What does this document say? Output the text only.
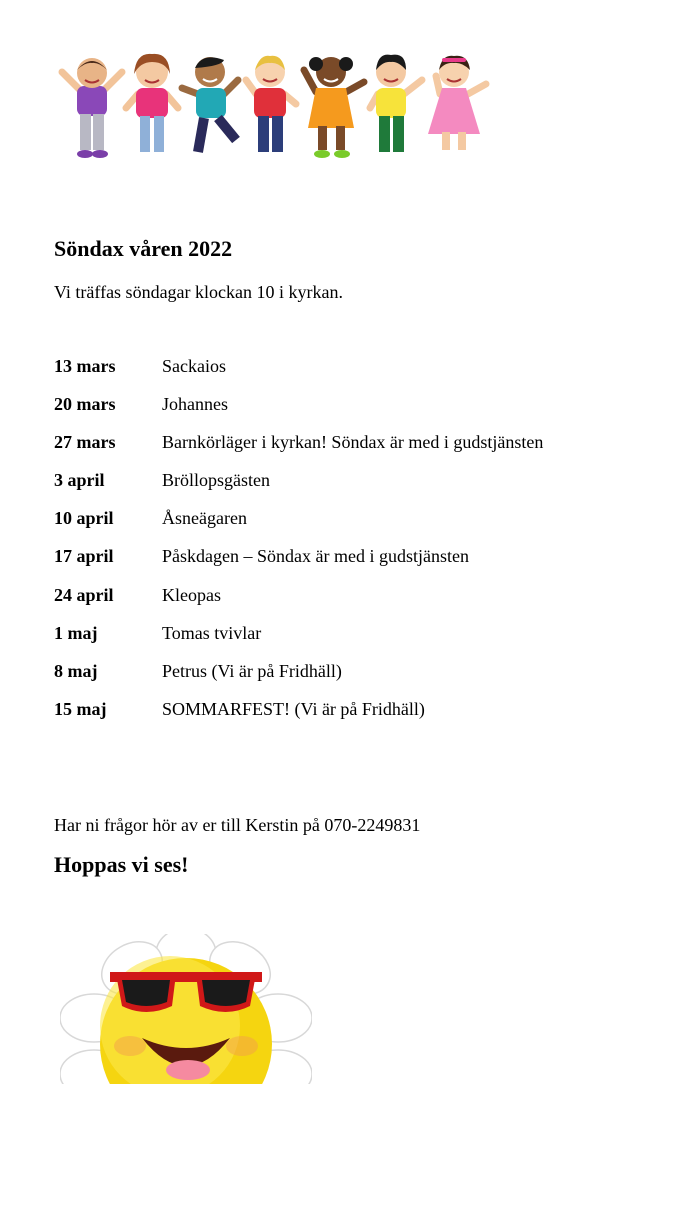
Söndax våren 2022
Vi träffas söndagar klockan 10 i kyrkan.
13 mars	Sackaios
20 mars	Johannes
27 mars	Barnkörläger i kyrkan! Söndax är med i gudstjänsten
3 april	Bröllopsgästen
10 april	Åsneägaren
17 april	Påskdagen – Söndax är med i gudstjänsten
24 april	Kleopas
1 maj	Tomas tvivlar
8 maj	Petrus (Vi är på Fridhäll)
15 maj	SOMMARFEST! (Vi är på Fridhäll)
Har ni frågor hör av er till Kerstin på 070-2249831
Hoppas vi ses!
